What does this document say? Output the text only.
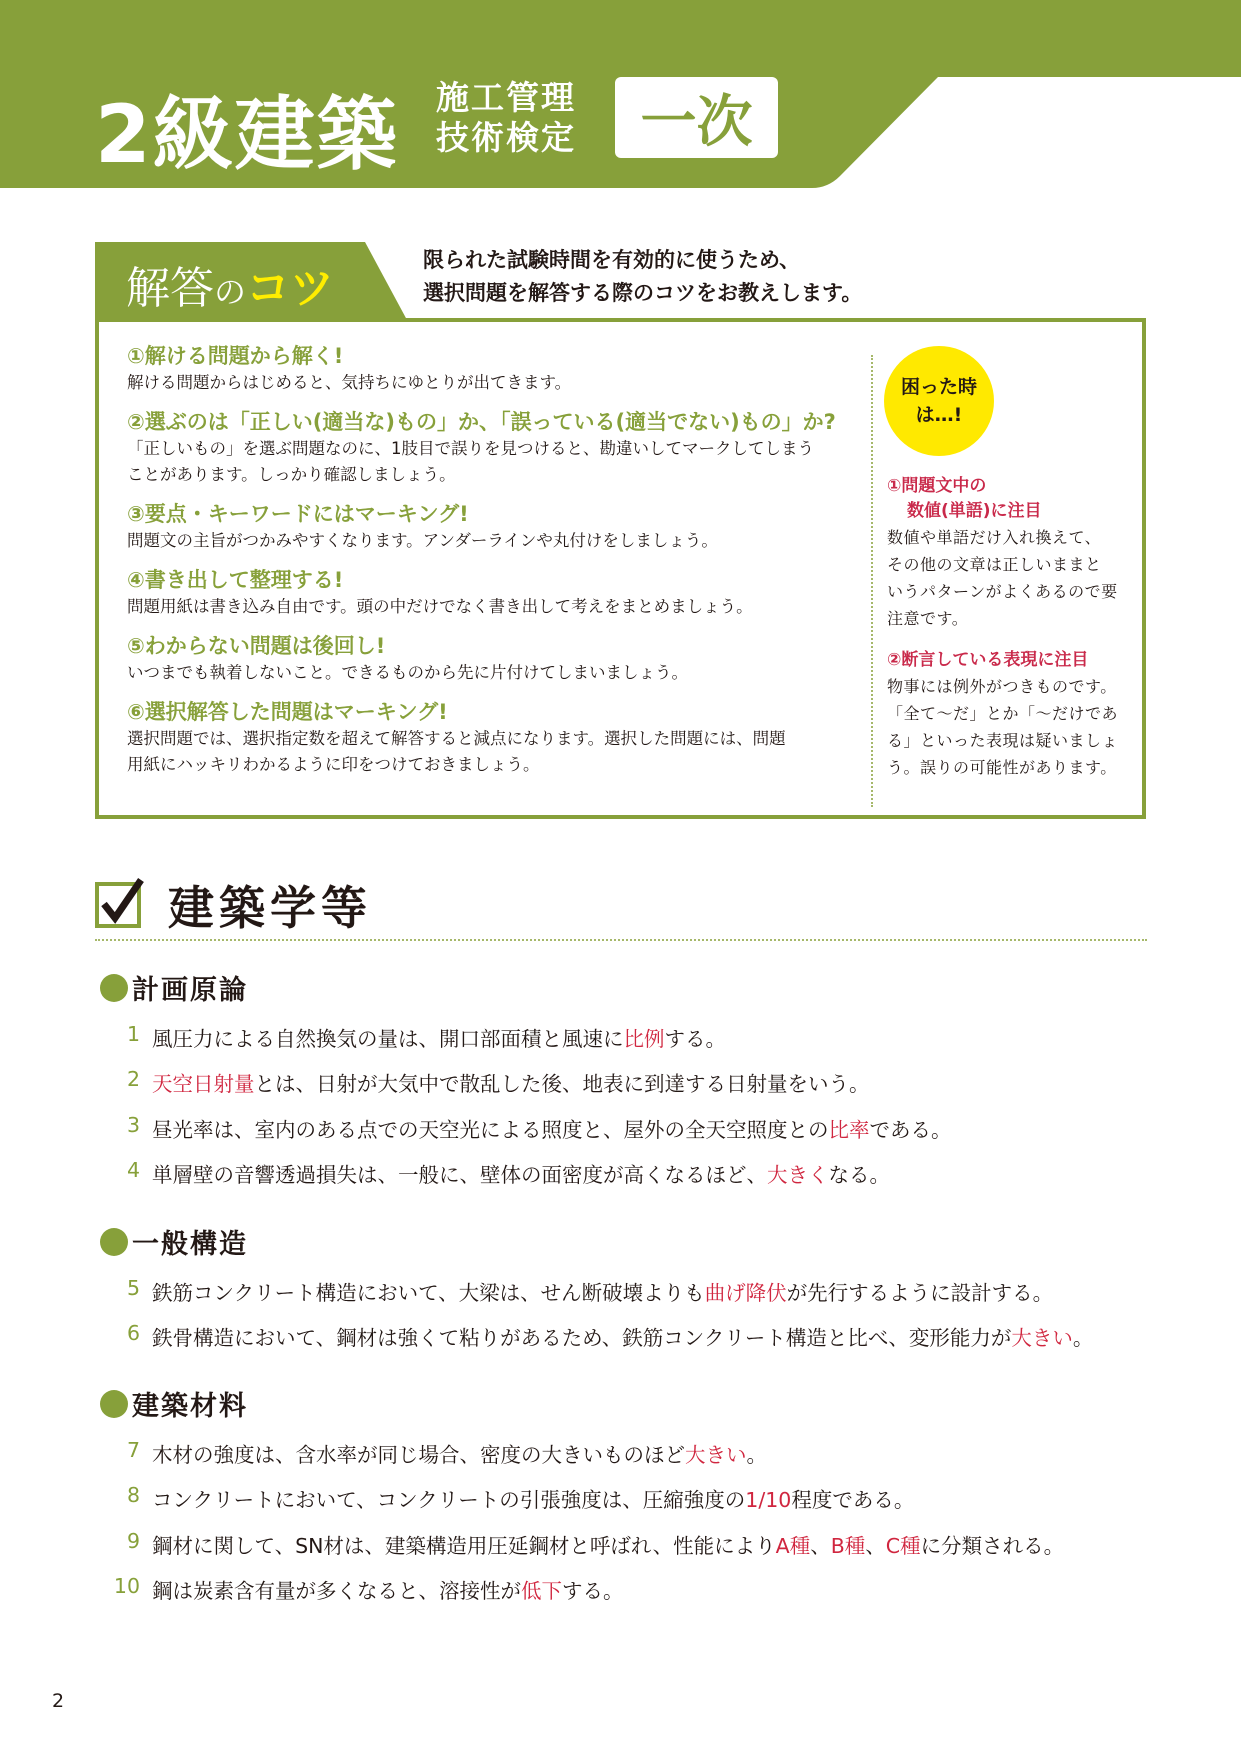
2級建築 施工管理
技術検定	一次
解答のコツ
限られた試験時間を有効的に使うため、
選択問題を解答する際のコツをお教えします。
①解ける問題から解く!
解ける問題からはじめると、気持ちにゆとりが出てきます。
②選ぶのは「正しい(適当な)もの」か、「誤っている(適当でない)もの」か?
「正しいもの」を選ぶ問題なのに、1肢目で誤りを見つけると、勘違いしてマークしてしまう
ことがあります。しっかり確認しましょう。
③要点・キーワードにはマーキング!
問題文の主旨がつかみやすくなります。アンダーラインや丸付けをしましょう。
④書き出して整理する!
問題用紙は書き込み自由です。頭の中だけでなく書き出して考えをまとめましょう。
⑤わからない問題は後回し!
いつまでも執着しないこと。できるものから先に片付けてしまいましょう。
⑥選択解答した問題はマーキング!
選択問題では、選択指定数を超えて解答すると減点になります。選択した問題には、問題
用紙にハッキリわかるように印をつけておきましょう。
困った時
は…!
①問題文中の
数値(単語)に注目
数値や単語だけ入れ換えて、
その他の文章は正しいままと
いうパターンがよくあるので要
注意です。
②断言している表現に注目
物事には例外がつきものです。
「全て〜だ」とか「〜だけであ
る」といった表現は疑いましょ
う。誤りの可能性があります。
建築学等
計画原論
1 風圧力による自然換気の量は、開口部面積と風速に比例する。
2 天空日射量とは、日射が大気中で散乱した後、地表に到達する日射量をいう。
3 昼光率は、室内のある点での天空光による照度と、屋外の全天空照度との比率である。
4 単層壁の音響透過損失は、一般に、壁体の面密度が高くなるほど、大きくなる。
一般構造
5 鉄筋コンクリート構造において、大梁は、せん断破壊よりも曲げ降伏が先行するように設計する。
6 鉄骨構造において、鋼材は強くて粘りがあるため、鉄筋コンクリート構造と比べ、変形能力が大きい。
建築材料
7 木材の強度は、含水率が同じ場合、密度の大きいものほど大きい。
8 コンクリートにおいて、コンクリートの引張強度は、圧縮強度の1/10程度である。
9 鋼材に関して、SN材は、建築構造用圧延鋼材と呼ばれ、性能によりA種、B種、C種に分類される。
10 鋼は炭素含有量が多くなると、溶接性が低下する。
2
